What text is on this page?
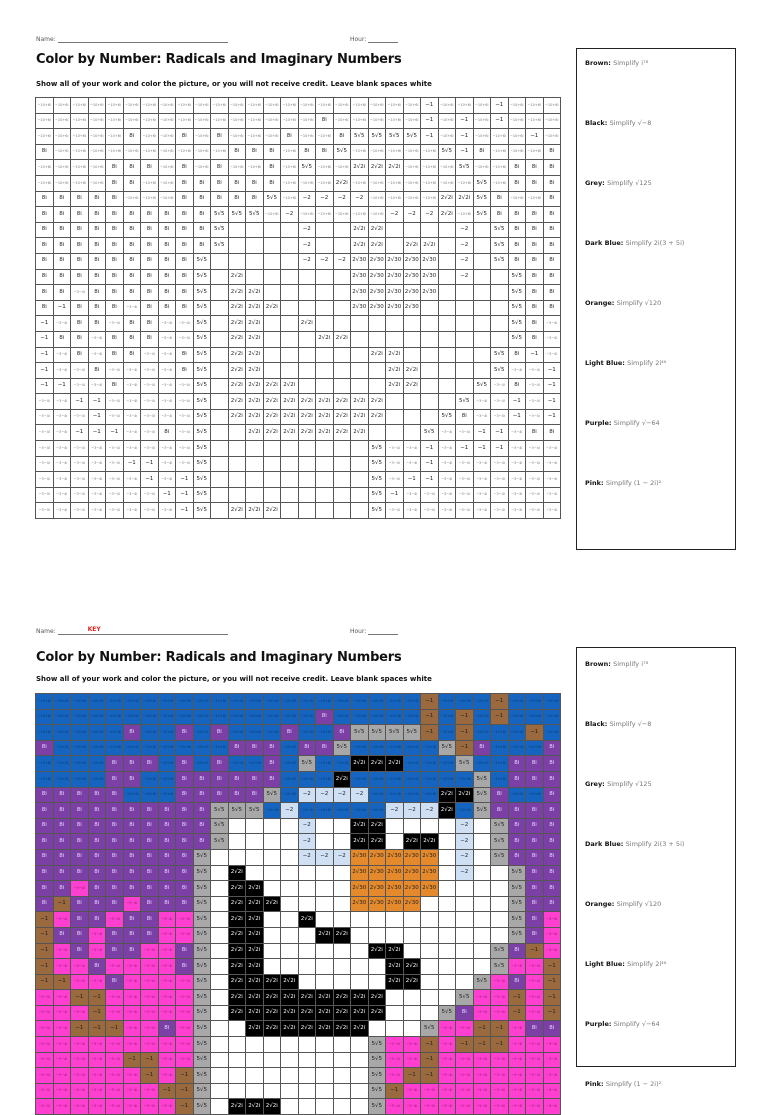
Name:	Hour:
Color by Number: Radicals and Imaginary Numbers
Show all of your work and color the picture, or you will not receive credit. Leave blank spaces white
−10+6i	−10+6i	−10+6i	−10+6i	−10+6i	−10+6i	−10+6i	−10+6i	−10+6i	−10+6i	−10+6i	−10+6i	−10+6i	−10+6i	−10+6i	−10+6i	−10+6i	−10+6i	−10+6i	−10+6i	−10+6i	−10+6i	−1	−10+6i	−10+6i	−10+6i	−1	−10+6i	−10+6i	−10+6i
−10+6i	−10+6i	−10+6i	−10+6i	−10+6i	−10+6i	−10+6i	−10+6i	−10+6i	−10+6i	−10+6i	−10+6i	−10+6i	−10+6i	−10+6i	−10+6i	8i	−10+6i	−10+6i	−10+6i	−10+6i	−10+6i	−1	−10+6i	−1	−10+6i	−1	−10+6i	−10+6i	−10+6i
−10+6i	−10+6i	−10+6i	−10+6i	−10+6i	8i	−10+6i	−10+6i	8i	−10+6i	8i	−10+6i	−10+6i	−10+6i	8i	−10+6i	−10+6i	8i	5√5	5√5	5√5	5√5	−1	−10+6i	−1	−10+6i	−10+6i	−10+6i	−1	−10+6i
8i	−10+6i	−10+6i	−10+6i	−10+6i	−10+6i	−10+6i	−10+6i	−10+6i	−10+6i	−10+6i	8i	8i	8i	−10+6i	8i	8i	5√5	−10+6i	−10+6i	−10+6i	−10+6i	−10+6i	5√5	−1	8i	−10+6i	−10+6i	−10+6i	8i
−10+6i	−10+6i	−10+6i	−10+6i	8i	8i	8i	−10+6i	8i	−10+6i	8i	−10+6i	−10+6i	8i	−10+6i	5√5	−10+6i	−10+6i	2√2i	2√2i	2√2i	−10+6i	−10+6i	−10+6i	5√5	−10+6i	−10+6i	8i	8i	8i
−10+6i	−10+6i	−10+6i	−10+6i	8i	8i	−10+6i	−10+6i	8i	8i	8i	8i	8i	8i	−10+6i	−10+6i	−10+6i	2√2i	−10+6i	−10+6i	−10+6i	−10+6i	−10+6i	−10+6i	−10+6i	5√5	−10+6i	8i	8i	8i
8i	8i	8i	8i	8i	−10+6i	−10+6i	−10+6i	8i	8i	8i	8i	8i	5√5	−10+6i	−2	−2	−2	−2	−10+6i	−10+6i	−10+6i	−10+6i	2√2i	2√2i	5√5	8i	−10+6i	−10+6i	8i
8i	8i	8i	8i	8i	8i	8i	8i	8i	8i	5√5	5√5	5√5	−10+6i	−2	−10+6i	−10+6i	−10+6i	−10+6i	−10+6i	−2	−2	−2	2√2i	−10+6i	5√5	8i	8i	8i	8i
8i	8i	8i	8i	8i	8i	8i	8i	8i	8i	5√5					−2			2√2i	2√2i					−2		5√5	8i	8i	8i
8i	8i	8i	8i	8i	8i	8i	8i	8i	8i	5√5					−2			2√2i	2√2i		2√2i	2√2i		−2		5√5	8i	8i	8i
8i	8i	8i	8i	8i	8i	8i	8i	8i	5√5						−2	−2	−2	2√30	2√30	2√30	2√30	2√30		−2		5√5	8i	8i	8i
8i	8i	8i	8i	8i	8i	8i	8i	8i	5√5		2√2i							2√30	2√30	2√30	2√30	2√30		−2			5√5	8i	8i
8i	8i	−3−4i	8i	8i	8i	8i	8i	8i	5√5		2√2i	2√2i						2√30	2√30	2√30	2√30	2√30					5√5	8i	8i
8i	−1	8i	8i	8i	−3−4i	8i	8i	8i	5√5		2√2i	2√2i	2√2i					2√30	2√30	2√30	2√30						5√5	8i	8i
−1	−3−4i	8i	8i	−3−4i	8i	8i	−3−4i	−3−4i	5√5		2√2i	2√2i			2√2i												5√5	8i	−3−4i
−1	8i	8i	−3−4i	8i	8i	8i	−3−4i	−3−4i	5√5		2√2i	2√2i				2√2i	2√2i										5√5	8i	−3−4i
−1	−3−4i	8i	−3−4i	8i	8i	−3−4i	−3−4i	8i	5√5		2√2i	2√2i							2√2i	2√2i						5√5	8i	−1	−3−4i
−1	−3−4i	−3−4i	8i	−3−4i	−3−4i	−3−4i	−3−4i	8i	5√5		2√2i	2√2i								2√2i	2√2i					5√5	−3−4i	−3−4i	−1
−1	−1	−3−4i	−3−4i	8i	−3−4i	−3−4i	−3−4i	−3−4i	5√5		2√2i	2√2i	2√2i	2√2i						2√2i	2√2i				5√5	−3−4i	8i	−3−4i	−1
−3−4i	−3−4i	−1	−1	−3−4i	−3−4i	−3−4i	−3−4i	−3−4i	5√5		2√2i	2√2i	2√2i	2√2i	2√2i	2√2i	2√2i	2√2i	2√2i					5√5	−3−4i	−3−4i	−1	−3−4i	−1
−3−4i	−3−4i	−3−4i	−1	−3−4i	−3−4i	−3−4i	−3−4i	−3−4i	5√5		2√2i	2√2i	2√2i	2√2i	2√2i	2√2i	2√2i	2√2i	2√2i				5√5	8i	−3−4i	−3−4i	−1	−3−4i	−1
−3−4i	−3−4i	−1	−1	−1	−3−4i	−3−4i	8i	−3−4i	5√5			2√2i	2√2i	2√2i	2√2i	2√2i	2√2i	2√2i				5√5	−3−4i	−3−4i	−1	−1	−3−4i	8i	8i
−3−4i	−3−4i	−3−4i	−3−4i	−3−4i	−3−4i	−3−4i	−3−4i	−3−4i	5√5										5√5	−3−4i	−3−4i	−1	−3−4i	−1	−1	−1	−3−4i	−3−4i	−3−4i
−3−4i	−3−4i	−3−4i	−3−4i	−3−4i	−1	−1	−3−4i	−3−4i	5√5										5√5	−3−4i	−3−4i	−1	−3−4i	−3−4i	−3−4i	−3−4i	−3−4i	−3−4i	−3−4i
−3−4i	−3−4i	−3−4i	−3−4i	−3−4i	−3−4i	−1	−3−4i	−1	5√5										5√5	−3−4i	−1	−1	−3−4i	−3−4i	−3−4i	−3−4i	−3−4i	−3−4i	−3−4i
−3−4i	−3−4i	−3−4i	−3−4i	−3−4i	−3−4i	−3−4i	−1	−1	5√5										5√5	−1	−3−4i	−3−4i	−3−4i	−3−4i	−3−4i	−3−4i	−3−4i	−3−4i	−3−4i
−3−4i	−3−4i	−3−4i	−3−4i	−3−4i	−3−4i	−3−4i	−3−4i	−1	5√5		2√2i	2√2i	2√2i						5√5	−3−4i	−3−4i	−3−4i	−3−4i	−3−4i	−3−4i	−3−4i	−3−4i	−3−4i	−3−4i
Brown: Simplify i⁷⁸
Black: Simplify √−8
Grey: Simplify √125
Dark Blue: Simplify 2i(3 + 5i)
Orange: Simplify √120
Light Blue: Simplify 2i⁴⁶
Purple: Simplify √−64
Pink: Simplify (1 − 2i)²
Name:	KEY	Hour:
Color by Number: Radicals and Imaginary Numbers
Show all of your work and color the picture, or you will not receive credit. Leave blank spaces white
−10+6i	−10+6i	−10+6i	−10+6i	−10+6i	−10+6i	−10+6i	−10+6i	−10+6i	−10+6i	−10+6i	−10+6i	−10+6i	−10+6i	−10+6i	−10+6i	−10+6i	−10+6i	−10+6i	−10+6i	−10+6i	−10+6i	−1	−10+6i	−10+6i	−10+6i	−1	−10+6i	−10+6i	−10+6i
−10+6i	−10+6i	−10+6i	−10+6i	−10+6i	−10+6i	−10+6i	−10+6i	−10+6i	−10+6i	−10+6i	−10+6i	−10+6i	−10+6i	−10+6i	−10+6i	8i	−10+6i	−10+6i	−10+6i	−10+6i	−10+6i	−1	−10+6i	−1	−10+6i	−1	−10+6i	−10+6i	−10+6i
−10+6i	−10+6i	−10+6i	−10+6i	−10+6i	8i	−10+6i	−10+6i	8i	−10+6i	8i	−10+6i	−10+6i	−10+6i	8i	−10+6i	−10+6i	8i	5√5	5√5	5√5	5√5	−1	−10+6i	−1	−10+6i	−10+6i	−10+6i	−1	−10+6i
8i	−10+6i	−10+6i	−10+6i	−10+6i	−10+6i	−10+6i	−10+6i	−10+6i	−10+6i	−10+6i	8i	8i	8i	−10+6i	8i	8i	5√5	−10+6i	−10+6i	−10+6i	−10+6i	−10+6i	5√5	−1	8i	−10+6i	−10+6i	−10+6i	8i
−10+6i	−10+6i	−10+6i	−10+6i	8i	8i	8i	−10+6i	8i	−10+6i	8i	−10+6i	−10+6i	8i	−10+6i	5√5	−10+6i	−10+6i	2√2i	2√2i	2√2i	−10+6i	−10+6i	−10+6i	5√5	−10+6i	−10+6i	8i	8i	8i
−10+6i	−10+6i	−10+6i	−10+6i	8i	8i	−10+6i	−10+6i	8i	8i	8i	8i	8i	8i	−10+6i	−10+6i	−10+6i	2√2i	−10+6i	−10+6i	−10+6i	−10+6i	−10+6i	−10+6i	−10+6i	5√5	−10+6i	8i	8i	8i
8i	8i	8i	8i	8i	−10+6i	−10+6i	−10+6i	8i	8i	8i	8i	8i	5√5	−10+6i	−2	−2	−2	−2	−10+6i	−10+6i	−10+6i	−10+6i	2√2i	2√2i	5√5	8i	−10+6i	−10+6i	8i
8i	8i	8i	8i	8i	8i	8i	8i	8i	8i	5√5	5√5	5√5	−10+6i	−2	−10+6i	−10+6i	−10+6i	−10+6i	−10+6i	−2	−2	−2	2√2i	−10+6i	5√5	8i	8i	8i	8i
8i	8i	8i	8i	8i	8i	8i	8i	8i	8i	5√5					−2			2√2i	2√2i					−2		5√5	8i	8i	8i
8i	8i	8i	8i	8i	8i	8i	8i	8i	8i	5√5					−2			2√2i	2√2i		2√2i	2√2i		−2		5√5	8i	8i	8i
8i	8i	8i	8i	8i	8i	8i	8i	8i	5√5						−2	−2	−2	2√30	2√30	2√30	2√30	2√30		−2		5√5	8i	8i	8i
8i	8i	8i	8i	8i	8i	8i	8i	8i	5√5		2√2i							2√30	2√30	2√30	2√30	2√30		−2			5√5	8i	8i
8i	8i	−3−4i	8i	8i	8i	8i	8i	8i	5√5		2√2i	2√2i						2√30	2√30	2√30	2√30	2√30					5√5	8i	8i
8i	−1	8i	8i	8i	−3−4i	8i	8i	8i	5√5		2√2i	2√2i	2√2i					2√30	2√30	2√30	2√30						5√5	8i	8i
−1	−3−4i	8i	8i	−3−4i	8i	8i	−3−4i	−3−4i	5√5		2√2i	2√2i			2√2i												5√5	8i	−3−4i
−1	8i	8i	−3−4i	8i	8i	8i	−3−4i	−3−4i	5√5		2√2i	2√2i				2√2i	2√2i										5√5	8i	−3−4i
−1	−3−4i	8i	−3−4i	8i	8i	−3−4i	−3−4i	8i	5√5		2√2i	2√2i							2√2i	2√2i						5√5	8i	−1	−3−4i
−1	−3−4i	−3−4i	8i	−3−4i	−3−4i	−3−4i	−3−4i	8i	5√5		2√2i	2√2i								2√2i	2√2i					5√5	−3−4i	−3−4i	−1
−1	−1	−3−4i	−3−4i	8i	−3−4i	−3−4i	−3−4i	−3−4i	5√5		2√2i	2√2i	2√2i	2√2i						2√2i	2√2i				5√5	−3−4i	8i	−3−4i	−1
−3−4i	−3−4i	−1	−1	−3−4i	−3−4i	−3−4i	−3−4i	−3−4i	5√5		2√2i	2√2i	2√2i	2√2i	2√2i	2√2i	2√2i	2√2i	2√2i					5√5	−3−4i	−3−4i	−1	−3−4i	−1
−3−4i	−3−4i	−3−4i	−1	−3−4i	−3−4i	−3−4i	−3−4i	−3−4i	5√5		2√2i	2√2i	2√2i	2√2i	2√2i	2√2i	2√2i	2√2i	2√2i				5√5	8i	−3−4i	−3−4i	−1	−3−4i	−1
−3−4i	−3−4i	−1	−1	−1	−3−4i	−3−4i	8i	−3−4i	5√5			2√2i	2√2i	2√2i	2√2i	2√2i	2√2i	2√2i				5√5	−3−4i	−3−4i	−1	−1	−3−4i	8i	8i
−3−4i	−3−4i	−3−4i	−3−4i	−3−4i	−3−4i	−3−4i	−3−4i	−3−4i	5√5										5√5	−3−4i	−3−4i	−1	−3−4i	−1	−1	−1	−3−4i	−3−4i	−3−4i
−3−4i	−3−4i	−3−4i	−3−4i	−3−4i	−1	−1	−3−4i	−3−4i	5√5										5√5	−3−4i	−3−4i	−1	−3−4i	−3−4i	−3−4i	−3−4i	−3−4i	−3−4i	−3−4i
−3−4i	−3−4i	−3−4i	−3−4i	−3−4i	−3−4i	−1	−3−4i	−1	5√5										5√5	−3−4i	−1	−1	−3−4i	−3−4i	−3−4i	−3−4i	−3−4i	−3−4i	−3−4i
−3−4i	−3−4i	−3−4i	−3−4i	−3−4i	−3−4i	−3−4i	−1	−1	5√5										5√5	−1	−3−4i	−3−4i	−3−4i	−3−4i	−3−4i	−3−4i	−3−4i	−3−4i	−3−4i
−3−4i	−3−4i	−3−4i	−3−4i	−3−4i	−3−4i	−3−4i	−3−4i	−1	5√5		2√2i	2√2i	2√2i						5√5	−3−4i	−3−4i	−3−4i	−3−4i	−3−4i	−3−4i	−3−4i	−3−4i	−3−4i	−3−4i
Brown: Simplify i⁷⁸
Black: Simplify √−8
Grey: Simplify √125
Dark Blue: Simplify 2i(3 + 5i)
Orange: Simplify √120
Light Blue: Simplify 2i⁴⁶
Purple: Simplify √−64
Pink: Simplify (1 − 2i)²
